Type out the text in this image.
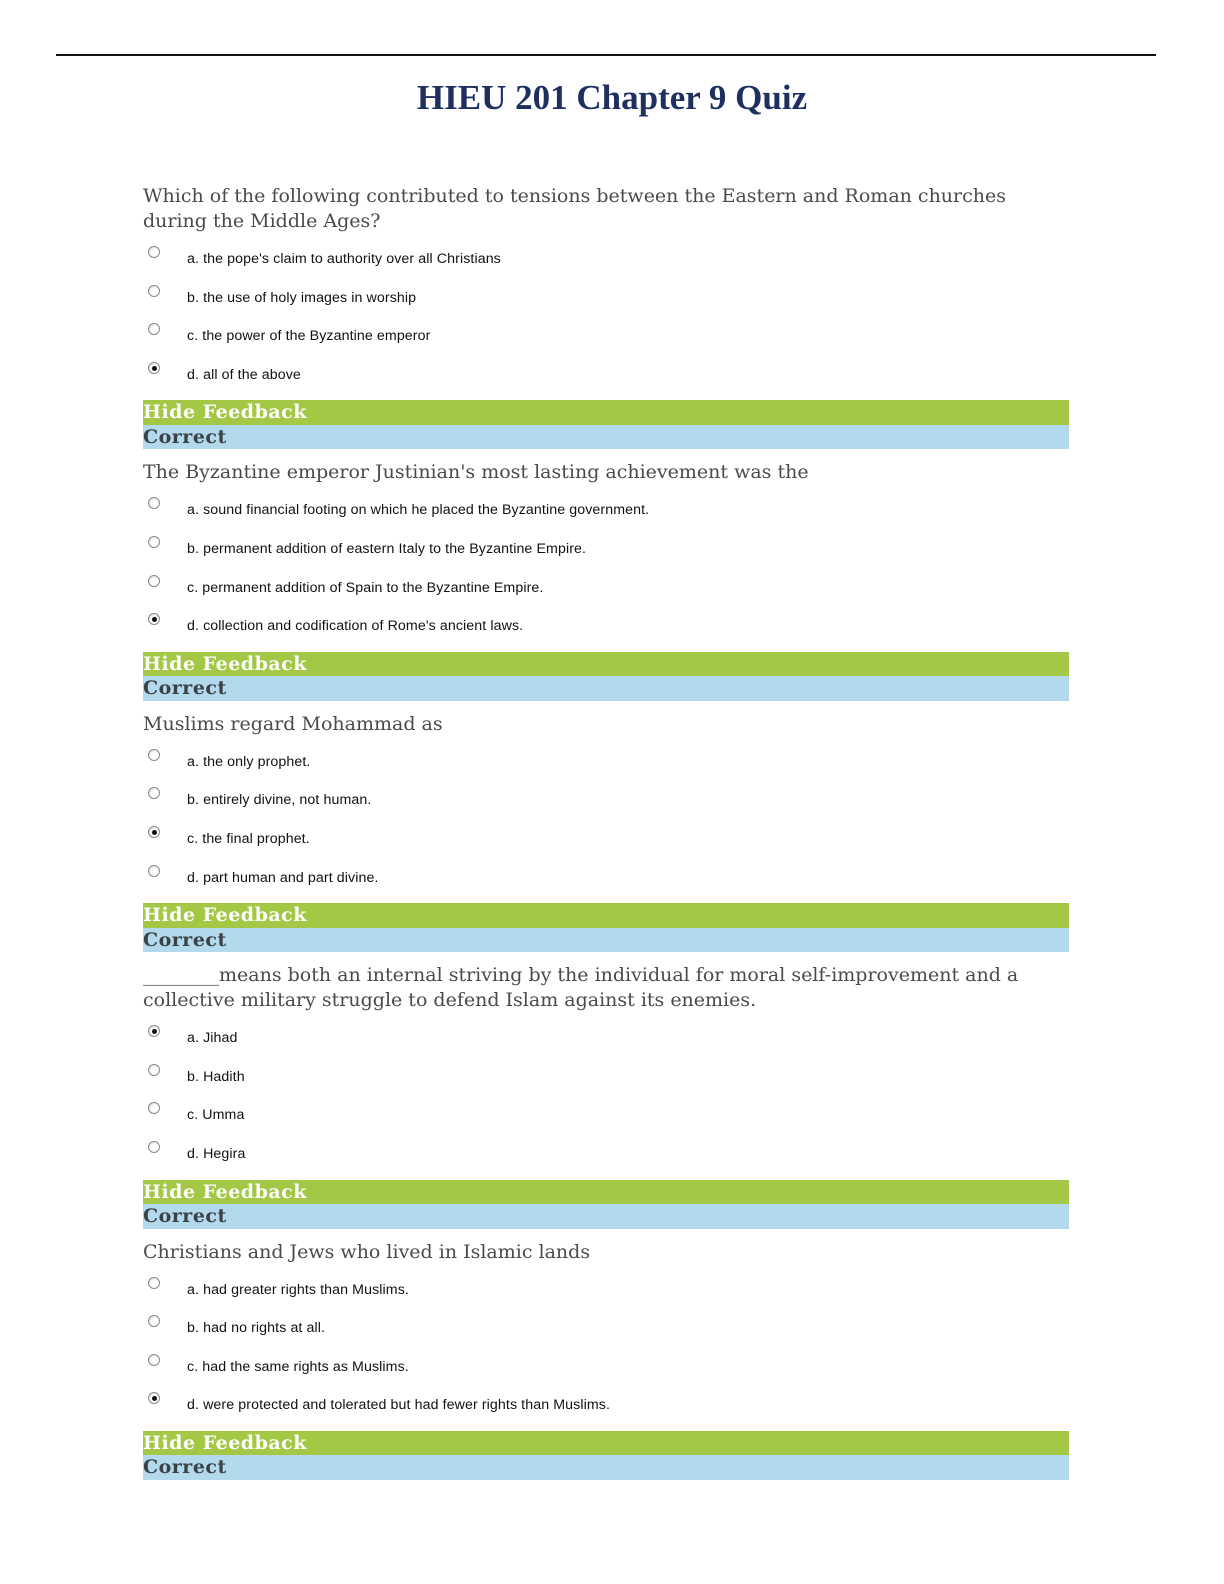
HIEU 201 Chapter 9 Quiz
Which of the following contributed to tensions between the Eastern and Roman churches during the Middle Ages?
a. the pope's claim to authority over all Christians
b. the use of holy images in worship
c. the power of the Byzantine emperor
d. all of the above
Hide Feedback
Correct
The Byzantine emperor Justinian's most lasting achievement was the
a. sound financial footing on which he placed the Byzantine government.
b. permanent addition of eastern Italy to the Byzantine Empire.
c. permanent addition of Spain to the Byzantine Empire.
d. collection and codification of Rome's ancient laws.
Hide Feedback
Correct
Muslims regard Mohammad as
a. the only prophet.
b. entirely divine, not human.
c. the final prophet.
d. part human and part divine.
Hide Feedback
Correct
________means both an internal striving by the individual for moral self-improvement and a collective military struggle to defend Islam against its enemies.
a. Jihad
b. Hadith
c. Umma
d. Hegira
Hide Feedback
Correct
Christians and Jews who lived in Islamic lands
a. had greater rights than Muslims.
b. had no rights at all.
c. had the same rights as Muslims.
d. were protected and tolerated but had fewer rights than Muslims.
Hide Feedback
Correct
